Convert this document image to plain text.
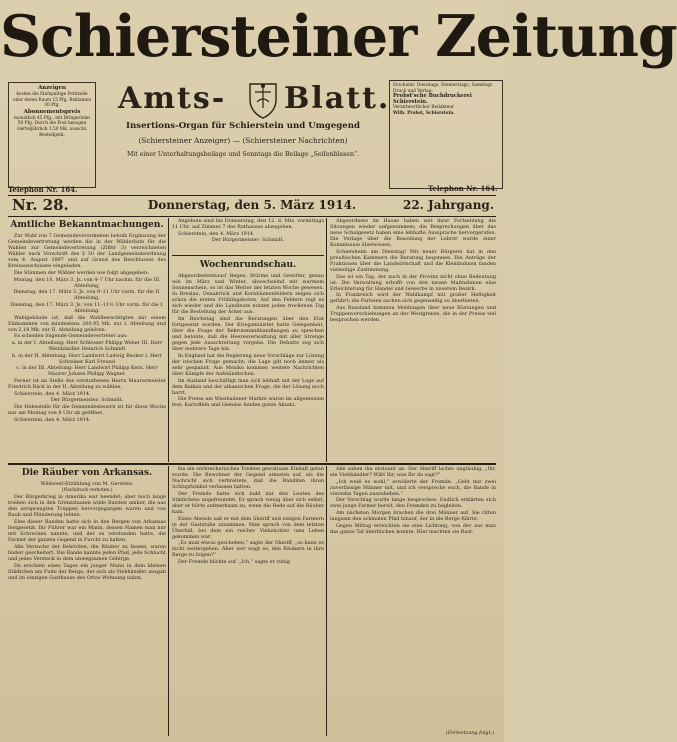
Schiersteiner Zeitung
Anzeigen
kosten die fünfspaltige Petitzeile oder deren Raum 15 Pfg. Reklamen 30 Pfg.
Abonnementspreis
monatlich 45 Pfg., mit Bringerlohn 50 Pfg. Durch die Post bezogen vierteljährlich 1.50 Mk. ausschl. Bestellgeld.
Amts-	Blatt. Erscheint: Dienstags, Donnerstags, Samstags
Druck und Verlag:
Probst'sche Buchdruckerei
Schierstein.
Verantwortlicher Redakteur
Wilh. Probst, Schierstein.
Insertions-Organ für Schierstein und Umgegend
(Schiersteiner Anzeiger) — (Schiersteiner Nachrichten)
Mit einer Unterhaltungsbeilage und Sonntags die Beilage „Seifenblasen“.
Telephon Nr. 164.	Telephon Nr. 164.
Nr. 28.	Donnerstag, den 5. März 1914.	22. Jahrgang.

Amtliche Bekanntmachungen.

Zur Wahl von 7 Gemeindeverordneten behufs Ergänzung der Gemeindevertretung werden die in der Wählerliste für die Wahlen zur Gemeindevertretung (Ziffer 3) verzeichneten Wähler nach Vorschrift des § 30 der Landgemeindeordnung vom 4. August 1897 und auf Grund des Beschlusses des Kreisausschusses eingeladen.

Die Stimmen der Wähler werden wie folgt abgegeben:

Montag, den 16. März 3. Js. von 4–7 Uhr nachm. für die III. Abteilung,

Dienstag, den 17. März 3. Js. von 9–11 Uhr vorm. für die II. Abteilung,

Dienstag, den 17. März 3. Js. von 11–11½ Uhr vorm. für die I. Abteilung.

Wahlgebäude ist, daß die Wahlberechtigten mit einem Einkommen von mindestens 300,95 Mk. zur I. Abteilung und von 2,18 Mk. zur II. Abteilung gehören.

Es scheiden folgende Gemeindevertreter aus:

a. in der I. Abteilung: Herr Schlosser Philipp Weber III. Herr Weinhändler Heinrich Schmidt

b. in der II. Abteilung: Herr Landwirt Ludwig Becker I. Herr Schreiner Karl Freund

c. in der III. Abteilung: Herr Landwirt Philipp Kern. Herr Maurer Johann Philipp Wagner.

Ferner ist an Stelle des verstorbenen Herrn Maurermeister Friedrich Bäck in der II. Abteilung zu wählen.

Schierstein, den 4. März 1914.

Der Bürgermeister: Schmidt.

Die Hebestelle für die Gemeindesteuern ist für diese Woche nur am Montag von 8 Uhr ab geöffnet.

Schierstein, den 4. März 1914.

Angebote sind bis Donnerstag, den 12. d. Mts. vormittags 11 Uhr, auf Zimmer 7 des Rathauses abzugeben.

Schierstein, den 4. März 1914.

Der Bürgermeister: Schmidt.

Wochenrundschau.

Abgeordnetenhaus! Regen, Stürme und Gewitter, genau wie im März und Winter, abwechselnd mit warmem Sonnenschein, so ist das Wetter der letzten Woche gewesen. In Breslau, Osnabrück und Kornblumenfeldern zeigen sich schon die ersten Frühlingsboten. Auf den Feldern regt es sich wieder und die Landleute nutzen jeden trockenen Tag für die Bestellung der Äcker aus.

Im Reichstag sind die Beratungen über den Etat fortgesetzt worden. Der Kriegsminister hatte Gelegenheit, über die Frage der Rekrutenmißhandlungen zu sprechen und betonte, daß die Heeresverwaltung mit aller Strenge gegen jede Ausschreitung vorgehe. Die Debatte zog sich über mehrere Tage hin.

In England hat die Regierung neue Vorschläge zur Lösung der irischen Frage gemacht; die Lage gilt noch immer als sehr gespannt. Aus Mexiko kommen weitere Nachrichten über Kämpfe der Aufständischen.

Im Ausland beschäftigt man sich lebhaft mit der Lage auf dem Balkan und der albanischen Frage, die der Lösung noch harrt.

Die Preise am Wiesbadener Markte waren im allgemeinen fest; Kartoffeln und Gemüse fanden guten Absatz.

Abgeordnete im Hause haben seit ihrer Fortsetzung die Sitzungen wieder aufgenommen; die Besprechungen über das neue Schulgesetz haben eine lebhafte Aussprache hervorgerufen. Die Vorlage über die Besoldung der Lehrer wurde einer Kommission überwiesen.

Schiersheim am Dienstag! Mit neuer Bürgerei hat in den preußischen Kammern die Beratung begonnen. Die Anträge der Fraktionen über die Landwirtschaft und die Kleinbahnen fanden vielseitige Zustimmung.

Das ist ein Tag, der auch in der Provinz nicht ohne Bedeutung ist. Die Verwaltung erhofft von den neuen Maßnahmen eine Erleichterung für Handel und Gewerbe in unserem Bezirk.

In Frankreich wird der Wahlkampf mit großer Heftigkeit geführt; die Parteien suchen sich gegenseitig zu überbieten.

Aus Russland kommen Meldungen über neue Rüstungen und Truppenverschiebungen an der Westgrenze, die in der Presse viel besprochen werden.

Die Räuber von Arkansas.

Wildwest-Erzählung von M. Gerstein.

(Nachdruck verboten.)

Der Bürgerkrieg in Amerika war beendet; aber noch lange trieben sich in den Grenzstaaten wilde Banden umher, die aus den zersprengten Truppen hervorgegangen waren und von Raub und Plünderung lebten.

Eine dieser Banden hatte sich in den Bergen von Arkansas festgesetzt. Ihr Führer war ein Mann, dessen Namen man nur mit Schrecken nannte, und der es verstanden hatte, die Farmer der ganzen Gegend in Furcht zu halten.

Alle Versuche der Behörden, die Räuber zu fassen, waren bisher gescheitert. Die Bande kannte jeden Pfad, jede Schlucht und jedes Versteck in dem unwegsamen Gebirge.

Da erschien eines Tages ein junger Mann in dem kleinen Städtchen am Fuße der Berge, der sich als Viehhändler ausgab und im einzigen Gasthause des Ortes Wohnung nahm.

bis ein verbrecherisches Treiben gewaltsam Einhalt getan wurde. Die Bewohner der Gegend atmeten auf, als die Nachricht sich verbreitete, daß die Banditen ihren Schlupfwinkel verlassen hätten.

Der Fremde hatte sich bald mit den Leuten des Städtchens angefreundet. Er sprach wenig über sich selbst, aber er hörte aufmerksam zu, wenn die Rede auf die Räuber kam.

Eines Abends saß er mit dem Sheriff und einigen Farmern in der Gaststube zusammen. Man sprach von dem letzten Überfall, bei dem ein reicher Viehzüchter ums Leben gekommen war.

„Es muß etwas geschehen,“ sagte der Sheriff, „so kann es nicht weitergehen. Aber wer wagt es, den Räubern in ihre Berge zu folgen?“

Der Fremde blickte auf. „Ich,“ sagte er ruhig.

Alle sahen ihn erstaunt an. Der Sheriff lachte ungläubig. „Ihr, ein Viehhändler? Wißt Ihr, was Ihr da sagt?“

„Ich weiß es wohl,“ erwiderte der Fremde. „Gebt mir zwei zuverlässige Männer mit, und ich verspreche euch, die Bande in vierzehn Tagen auszuheben.“

Der Vorschlag wurde lange besprochen. Endlich erklärten sich zwei junge Farmer bereit, den Fremden zu begleiten.

Am nächsten Morgen brachen die drei Männer auf. Sie ritten langsam den schmalen Pfad hinauf, der in die Berge führte.

Gegen Mittag erreichten sie eine Lichtung, von der aus man das ganze Tal überblicken konnte. Hier machten sie Rast.

(Fortsetzung folgt.)
